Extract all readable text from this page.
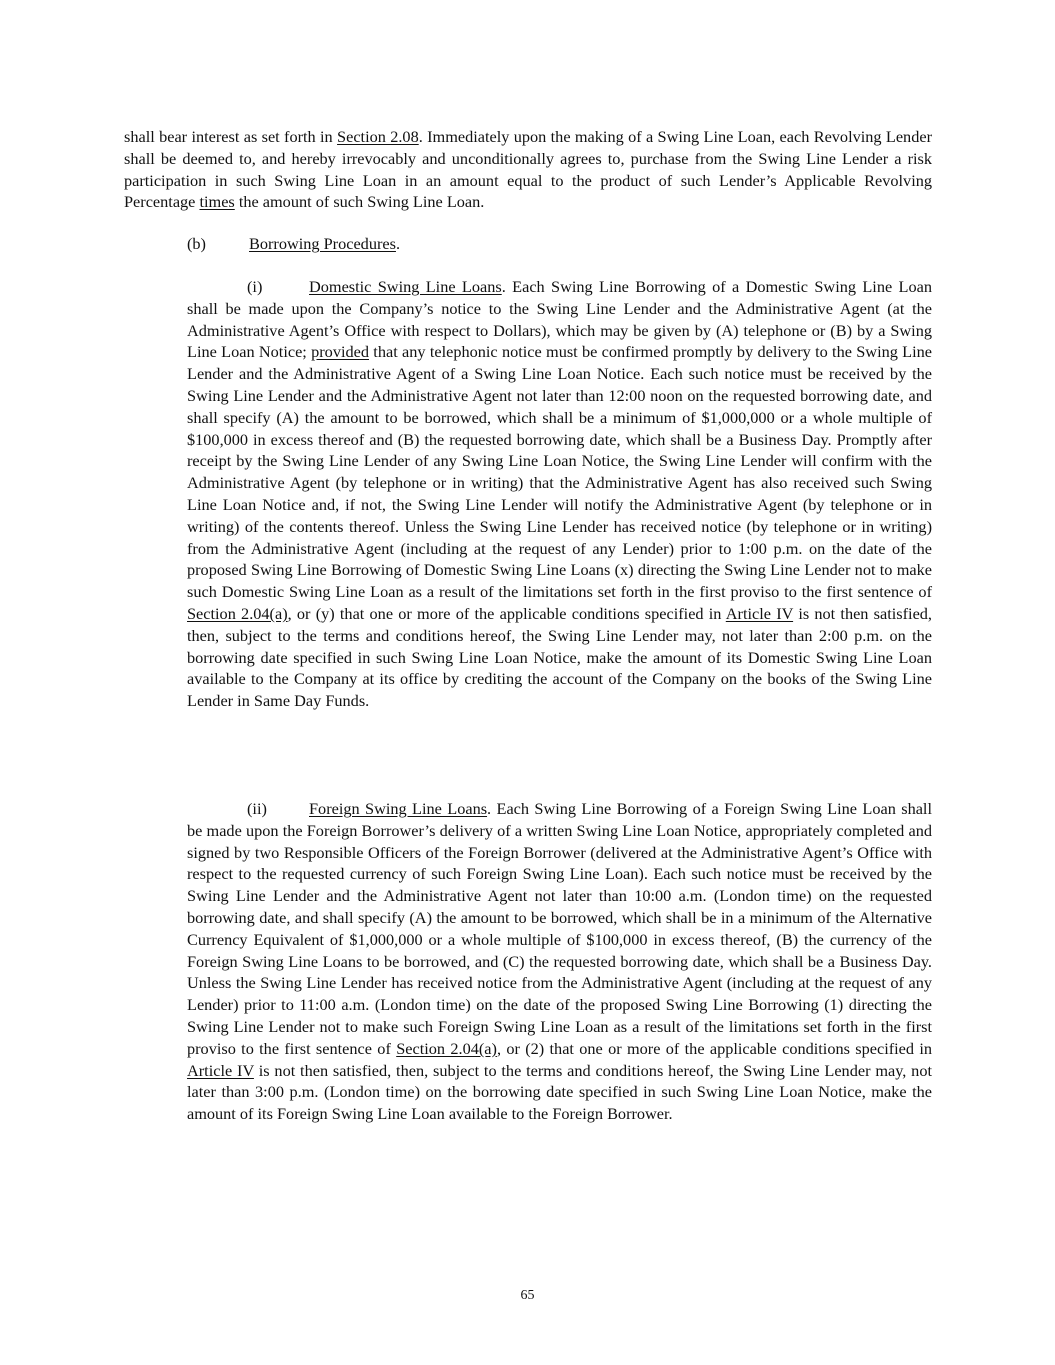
shall bear interest as set forth in Section 2.08. Immediately upon the making of a Swing Line Loan, each Revolving Lender shall be deemed to, and hereby irrevocably and unconditionally agrees to, purchase from the Swing Line Lender a risk participation in such Swing Line Loan in an amount equal to the product of such Lender’s Applicable Revolving Percentage times the amount of such Swing Line Loan.

(b)	Borrowing Procedures.

(i)	Domestic Swing Line Loans. Each Swing Line Borrowing of a Domestic Swing Line Loan shall be made upon the Company’s notice to the Swing Line Lender and the Administrative Agent (at the Administrative Agent’s Office with respect to Dollars), which may be given by (A) telephone or (B) by a Swing Line Loan Notice; provided that any telephonic notice must be confirmed promptly by delivery to the Swing Line Lender and the Administrative Agent of a Swing Line Loan Notice. Each such notice must be received by the Swing Line Lender and the Administrative Agent not later than 12:00 noon on the requested borrowing date, and shall specify (A) the amount to be borrowed, which shall be a minimum of $1,000,000 or a whole multiple of $100,000 in excess thereof and (B) the requested borrowing date, which shall be a Business Day. Promptly after receipt by the Swing Line Lender of any Swing Line Loan Notice, the Swing Line Lender will confirm with the Administrative Agent (by telephone or in writing) that the Administrative Agent has also received such Swing Line Loan Notice and, if not, the Swing Line Lender will notify the Administrative Agent (by telephone or in writing) of the contents thereof. Unless the Swing Line Lender has received notice (by telephone or in writing) from the Administrative Agent (including at the request of any Lender) prior to 1:00 p.m. on the date of the proposed Swing Line Borrowing of Domestic Swing Line Loans (x) directing the Swing Line Lender not to make such Domestic Swing Line Loan as a result of the limitations set forth in the first proviso to the first sentence of Section 2.04(a), or (y) that one or more of the applicable conditions specified in Article IV is not then satisfied, then, subject to the terms and conditions hereof, the Swing Line Lender may, not later than 2:00 p.m. on the borrowing date specified in such Swing Line Loan Notice, make the amount of its Domestic Swing Line Loan available to the Company at its office by crediting the account of the Company on the books of the Swing Line Lender in Same Day Funds.

(ii)	Foreign Swing Line Loans. Each Swing Line Borrowing of a Foreign Swing Line Loan shall be made upon the Foreign Borrower’s delivery of a written Swing Line Loan Notice, appropriately completed and signed by two Responsible Officers of the Foreign Borrower (delivered at the Administrative Agent’s Office with respect to the requested currency of such Foreign Swing Line Loan). Each such notice must be received by the Swing Line Lender and the Administrative Agent not later than 10:00 a.m. (London time) on the requested borrowing date, and shall specify (A) the amount to be borrowed, which shall be in a minimum of the Alternative Currency Equivalent of $1,000,000 or a whole multiple of $100,000 in excess thereof, (B) the currency of the Foreign Swing Line Loans to be borrowed, and (C) the requested borrowing date, which shall be a Business Day. Unless the Swing Line Lender has received notice from the Administrative Agent (including at the request of any Lender) prior to 11:00 a.m. (London time) on the date of the proposed Swing Line Borrowing (1) directing the Swing Line Lender not to make such Foreign Swing Line Loan as a result of the limitations set forth in the first proviso to the first sentence of Section 2.04(a), or (2) that one or more of the applicable conditions specified in Article IV is not then satisfied, then, subject to the terms and conditions hereof, the Swing Line Lender may, not later than 3:00 p.m. (London time) on the borrowing date specified in such Swing Line Loan Notice, make the amount of its Foreign Swing Line Loan available to the Foreign Borrower.

65
